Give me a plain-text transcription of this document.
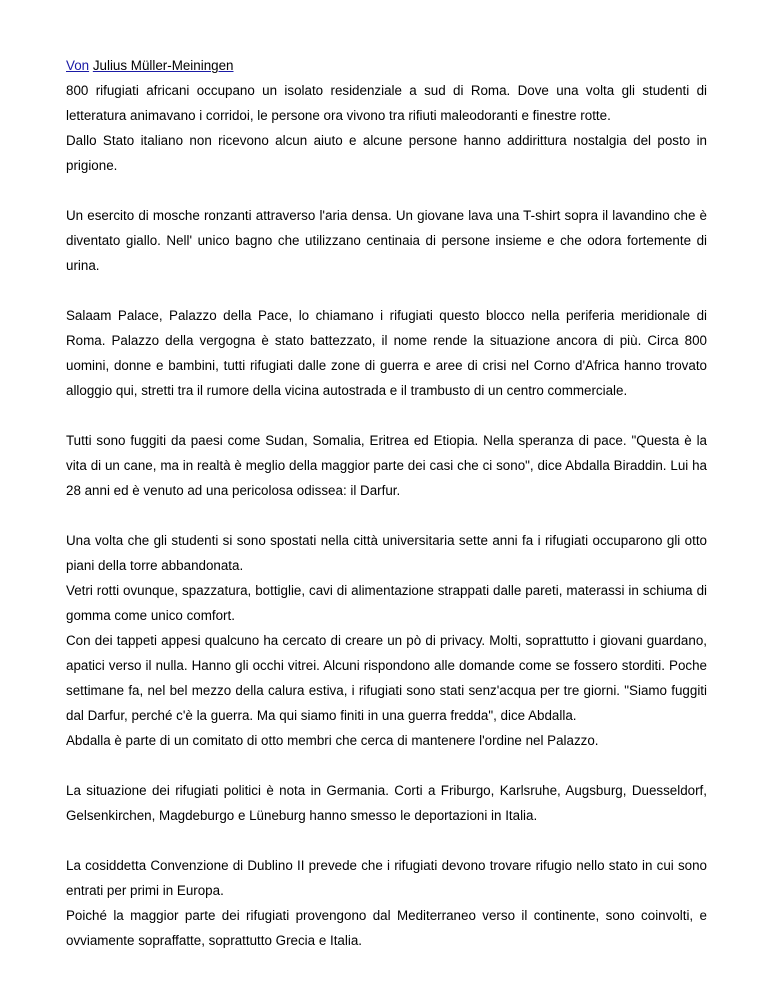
Von Julius Müller-Meiningen

800 rifugiati africani occupano un isolato residenziale a sud di Roma. Dove una volta gli studenti di letteratura animavano i corridoi, le persone ora vivono tra rifiuti maleodoranti e finestre rotte.

Dallo Stato italiano non ricevono alcun aiuto e alcune persone hanno addirittura nostalgia del posto in prigione.

Un esercito di mosche ronzanti attraverso l'aria densa. Un giovane lava una T-shirt sopra il lavandino che è diventato giallo. Nell' unico bagno che utilizzano centinaia di persone insieme e che odora fortemente di urina.

Salaam Palace, Palazzo della Pace, lo chiamano i rifugiati questo blocco nella periferia meridionale di Roma. Palazzo della vergogna è stato battezzato, il nome rende la situazione ancora di più. Circa 800 uomini, donne e bambini, tutti rifugiati dalle zone di guerra e aree di crisi nel Corno d'Africa hanno trovato alloggio qui, stretti tra il rumore della vicina autostrada e il trambusto di un centro commerciale.

Tutti sono fuggiti da paesi come Sudan, Somalia, Eritrea ed Etiopia. Nella speranza di pace. "Questa è la vita di un cane, ma in realtà è meglio della maggior parte dei casi che ci sono", dice Abdalla Biraddin. Lui ha 28 anni ed è venuto ad una pericolosa odissea: il Darfur.

Una volta che gli studenti si sono spostati nella città universitaria sette anni fa i rifugiati occuparono gli otto piani della torre abbandonata.

Vetri rotti ovunque, spazzatura, bottiglie, cavi di alimentazione strappati dalle pareti, materassi in schiuma di gomma come unico comfort.

Con dei tappeti appesi qualcuno ha cercato di creare un pò di privacy. Molti, soprattutto i giovani guardano, apatici verso il nulla. Hanno gli occhi vitrei. Alcuni rispondono alle domande come se fossero storditi. Poche settimane fa, nel bel mezzo della calura estiva, i rifugiati sono stati senz'acqua per tre giorni. "Siamo fuggiti dal Darfur, perché c'è la guerra. Ma qui siamo finiti in una guerra fredda", dice Abdalla.

Abdalla è parte di un comitato di otto membri che cerca di mantenere l'ordine nel Palazzo.

La situazione dei rifugiati politici è nota in Germania. Corti a Friburgo, Karlsruhe, Augsburg, Duesseldorf, Gelsenkirchen, Magdeburgo e Lüneburg hanno smesso le deportazioni in Italia.

La cosiddetta Convenzione di Dublino II prevede che i rifugiati devono trovare rifugio nello stato in cui sono entrati per primi in Europa.

Poiché la maggior parte dei rifugiati provengono dal Mediterraneo verso il continente, sono coinvolti, e ovviamente sopraffatte, soprattutto Grecia e Italia.
